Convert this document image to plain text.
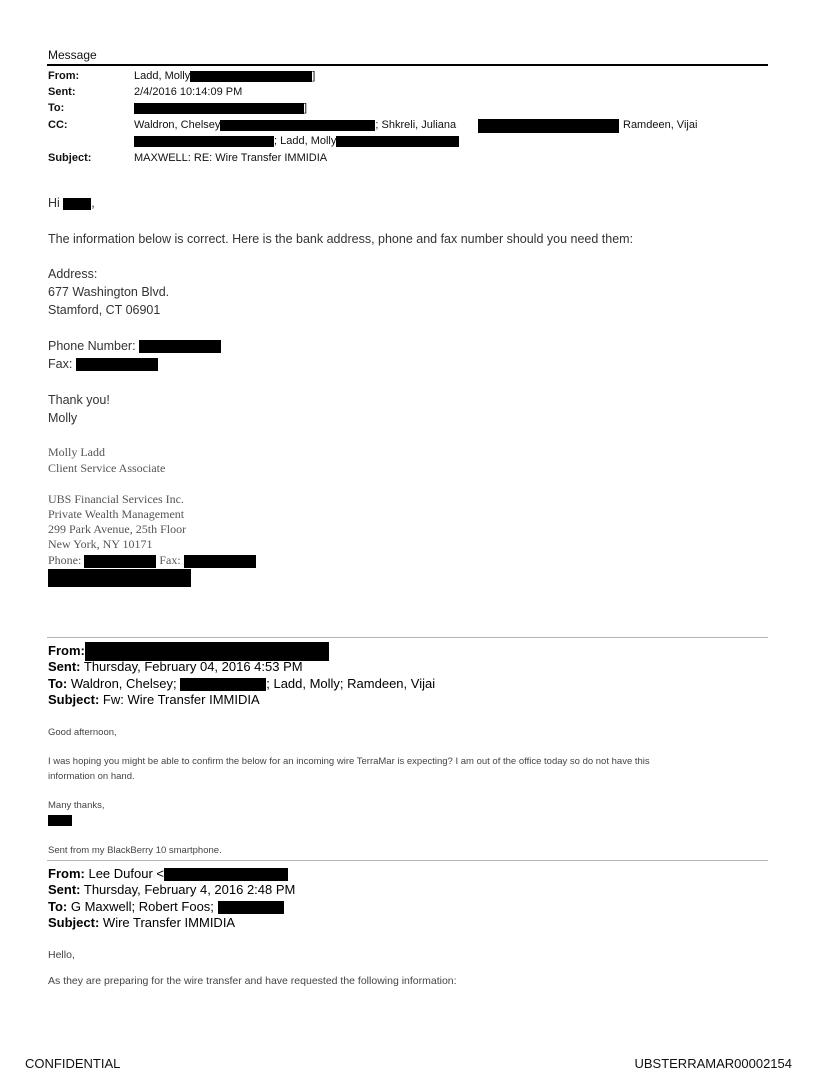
Message
From:	Ladd, Molly	]
Sent:	2/4/2016 10:14:09 PM
To:	]
CC:	Waldron, Chelsey	; Shkreli, Juliana	Ramdeen, Vijai
; Ladd, Molly
Subject:	MAXWELL: RE: Wire Transfer IMMIDIA
Hi	,
The information below is correct. Here is the bank address, phone and fax number should you need them:
Address:
677 Washington Blvd.
Stamford, CT 06901
Phone Number:
Fax:
Thank you!
Molly
Molly Ladd
Client Service Associate
UBS Financial Services Inc.
Private Wealth Management
299 Park Avenue, 25th Floor
New York, NY 10171
Phone:	Fax:
From:
Sent: Thursday, February 04, 2016 4:53 PM
To: Waldron, Chelsey;	; Ladd, Molly; Ramdeen, Vijai
Subject: Fw: Wire Transfer IMMIDIA
Good afternoon,
I was hoping you might be able to confirm the below for an incoming wire TerraMar is expecting? I am out of the office today so do not have this
information on hand.
Many thanks,
Sent from my BlackBerry 10 smartphone.
From: Lee Dufour <
Sent: Thursday, February 4, 2016 2:48 PM
To: G Maxwell; Robert Foos;
Subject: Wire Transfer IMMIDIA
Hello,
As they are preparing for the wire transfer and have requested the following information:
CONFIDENTIAL	UBSTERRAMAR00002154
